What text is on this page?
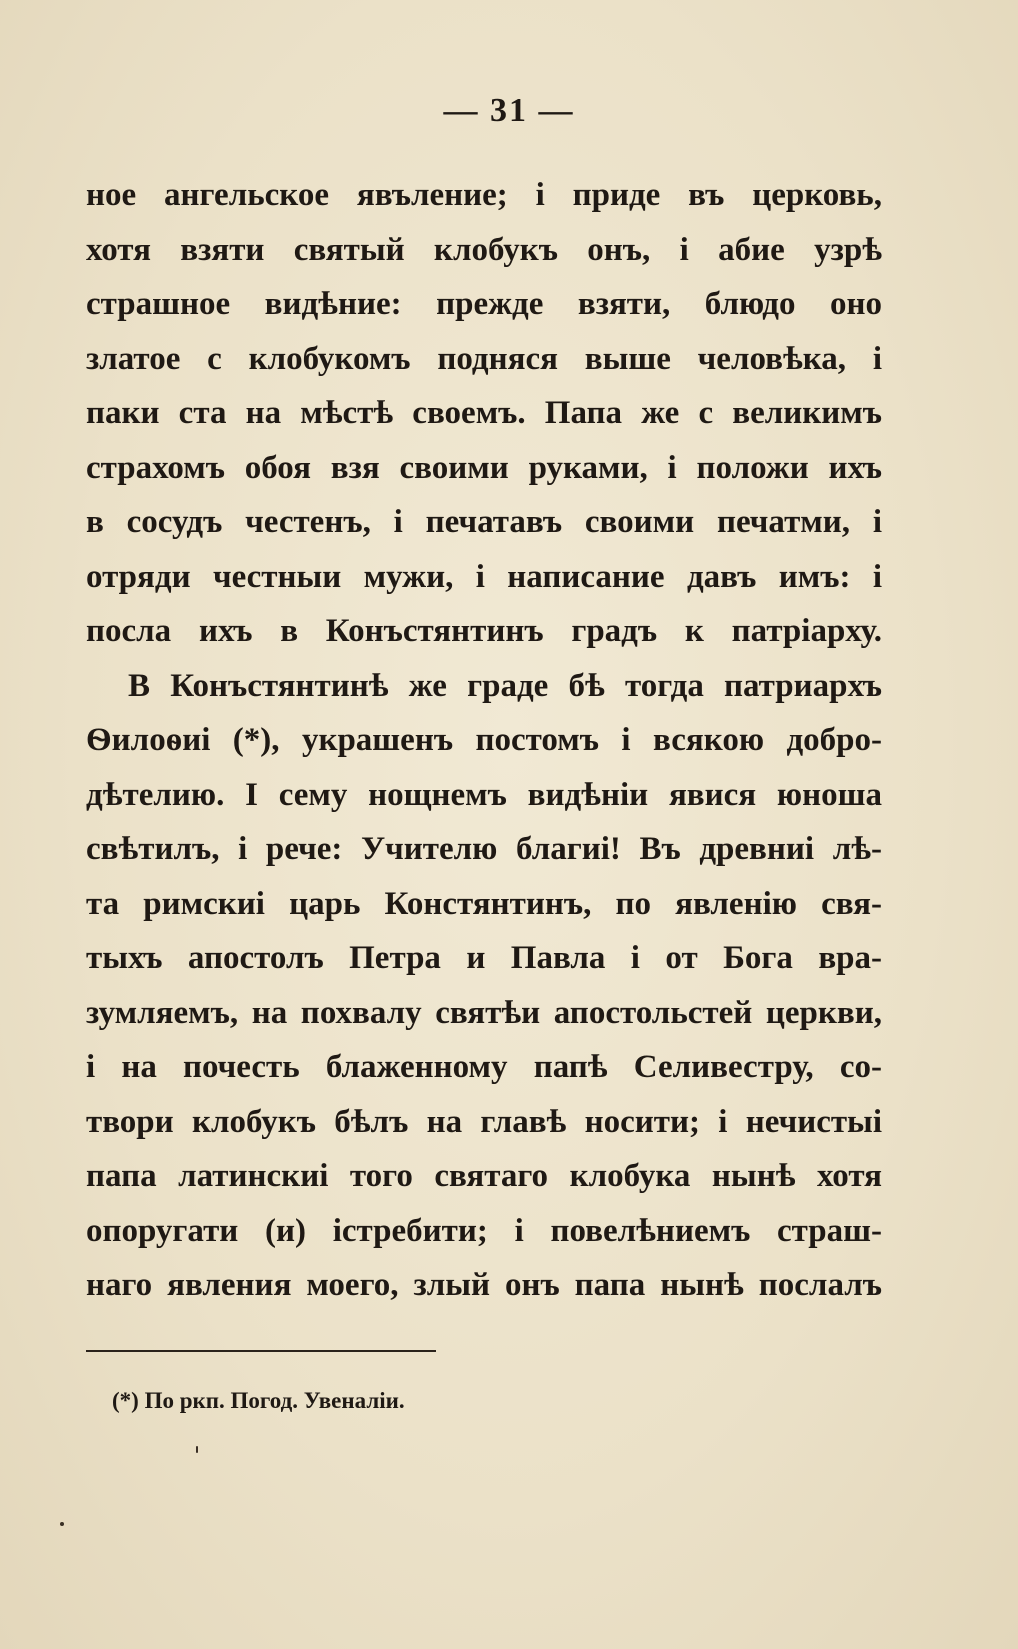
— 31 —
ное ангельское явъление; і приде въ церковь,
хотя взяти святый клобукъ онъ, і абие узрѣ
страшное видѣние: прежде взяти, блюдо оно
златое с клобукомъ подняся выше человѣка, і
паки ста на мѣстѣ своемъ. Папа же с великимъ
страхомъ обоя взя своими руками, і положи ихъ
в сосудъ честенъ, і печатавъ своими печатми, і
отряди честныи мужи, і написание давъ имъ: і
посла ихъ в Конъстянтинъ градъ к патріарху.
В Конъстянтинѣ же граде бѣ тогда патриархъ
Ѳилоѳиі (*), украшенъ постомъ і всякою добро-
дѣтелию. І сему нощнемъ видѣніи явися юноша
свѣтилъ, і рече: Учителю благиі! Въ древниі лѣ-
та римскиі царь Констянтинъ, по явленію свя-
тыхъ апостолъ Петра и Павла і от Бога вра-
зумляемъ, на похвалу святѣи апостольстей церкви,
і на почесть блаженному папѣ Селивестру, со-
твори клобукъ бѣлъ на главѣ носити; і нечистыі
папа латинскиі того святаго клобука нынѣ хотя
опоругати (и) істребити; і повелѣниемъ страш-
наго явления моего, злый онъ папа нынѣ послалъ
(*) По ркп. Погод. Увеналіи.
